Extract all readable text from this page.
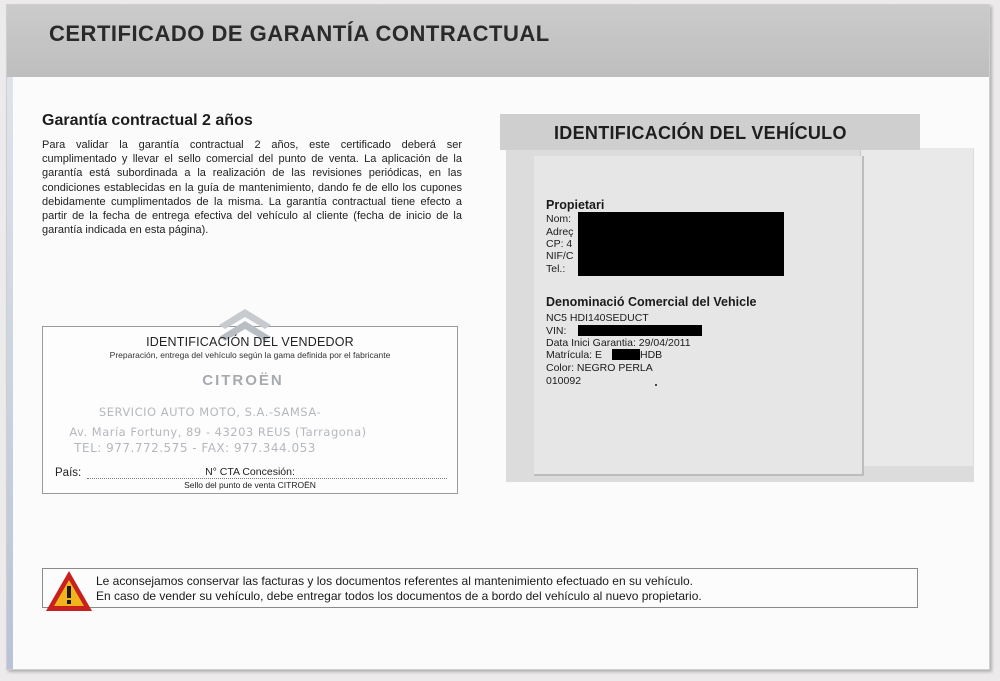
CERTIFICADO DE GARANTÍA CONTRACTUAL
Garantía contractual 2 años
Para validar la garantía contractual 2 años, este certificado deberá ser cumplimentado y llevar el sello comercial del punto de venta. La aplicación de la garantía está subordinada a la realización de las revisiones periódicas, en las condiciones establecidas en la guía de mantenimiento, dando fe de ello los cupones debidamente cumplimentados de la misma. La garantía contractual tiene efecto a partir de la fecha de entrega efectiva del vehículo al cliente (fecha de inicio de la garantía indicada en esta página).
IDENTIFICACIÓN DEL VENDEDOR
Preparación, entrega del vehículo según la gama definida por el fabricante
CITROËN
SERVICIO AUTO MOTO, S.A.-SAMSA-
Av. María Fortuny, 89 - 43203 REUS (Tarragona)
TEL: 977.772.575 - FAX: 977.344.053
País:	N° CTA Concesión:
Sello del punto de venta CITROËN
IDENTIFICACIÓN DEL VEHÍCULO
Propietari
Nom:
Adreç
CP: 4
NIF/C
Tel.:
Denominació Comercial del Vehicle
NC5 HDI140SEDUCT
VIN:
Data Inici Garantia: 29/04/2011
Matrícula: E	HDB
Color: NEGRO PERLA
010092
Le aconsejamos conservar las facturas y los documentos referentes al mantenimiento efectuado en su vehículo.
En caso de vender su vehículo, debe entregar todos los documentos de a bordo del vehículo al nuevo propietario.
